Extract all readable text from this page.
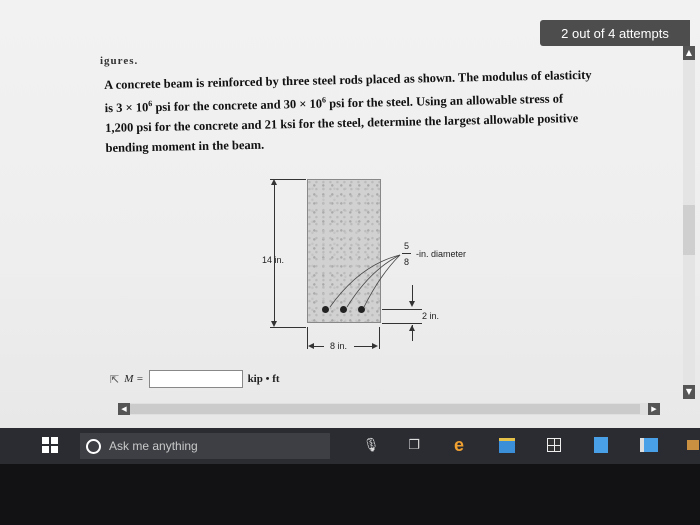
2 out of 4 attempts
▲
▼
igures.
A concrete beam is reinforced by three steel rods placed as shown. The modulus of elasticity
is $3 \times 10^6$ psi for the concrete and $30 \times 10^6$ psi for the steel. Using an allowable stress of
1,200 psi for the concrete and 21 ksi for the steel, determine the largest allowable positive
bending moment in the beam.
14 in.
5
8
-in. diameter
2 in.
8 in.
⇱ M =	kip • ft
◀	▶
Ask me anything	🎙 ❐ e
